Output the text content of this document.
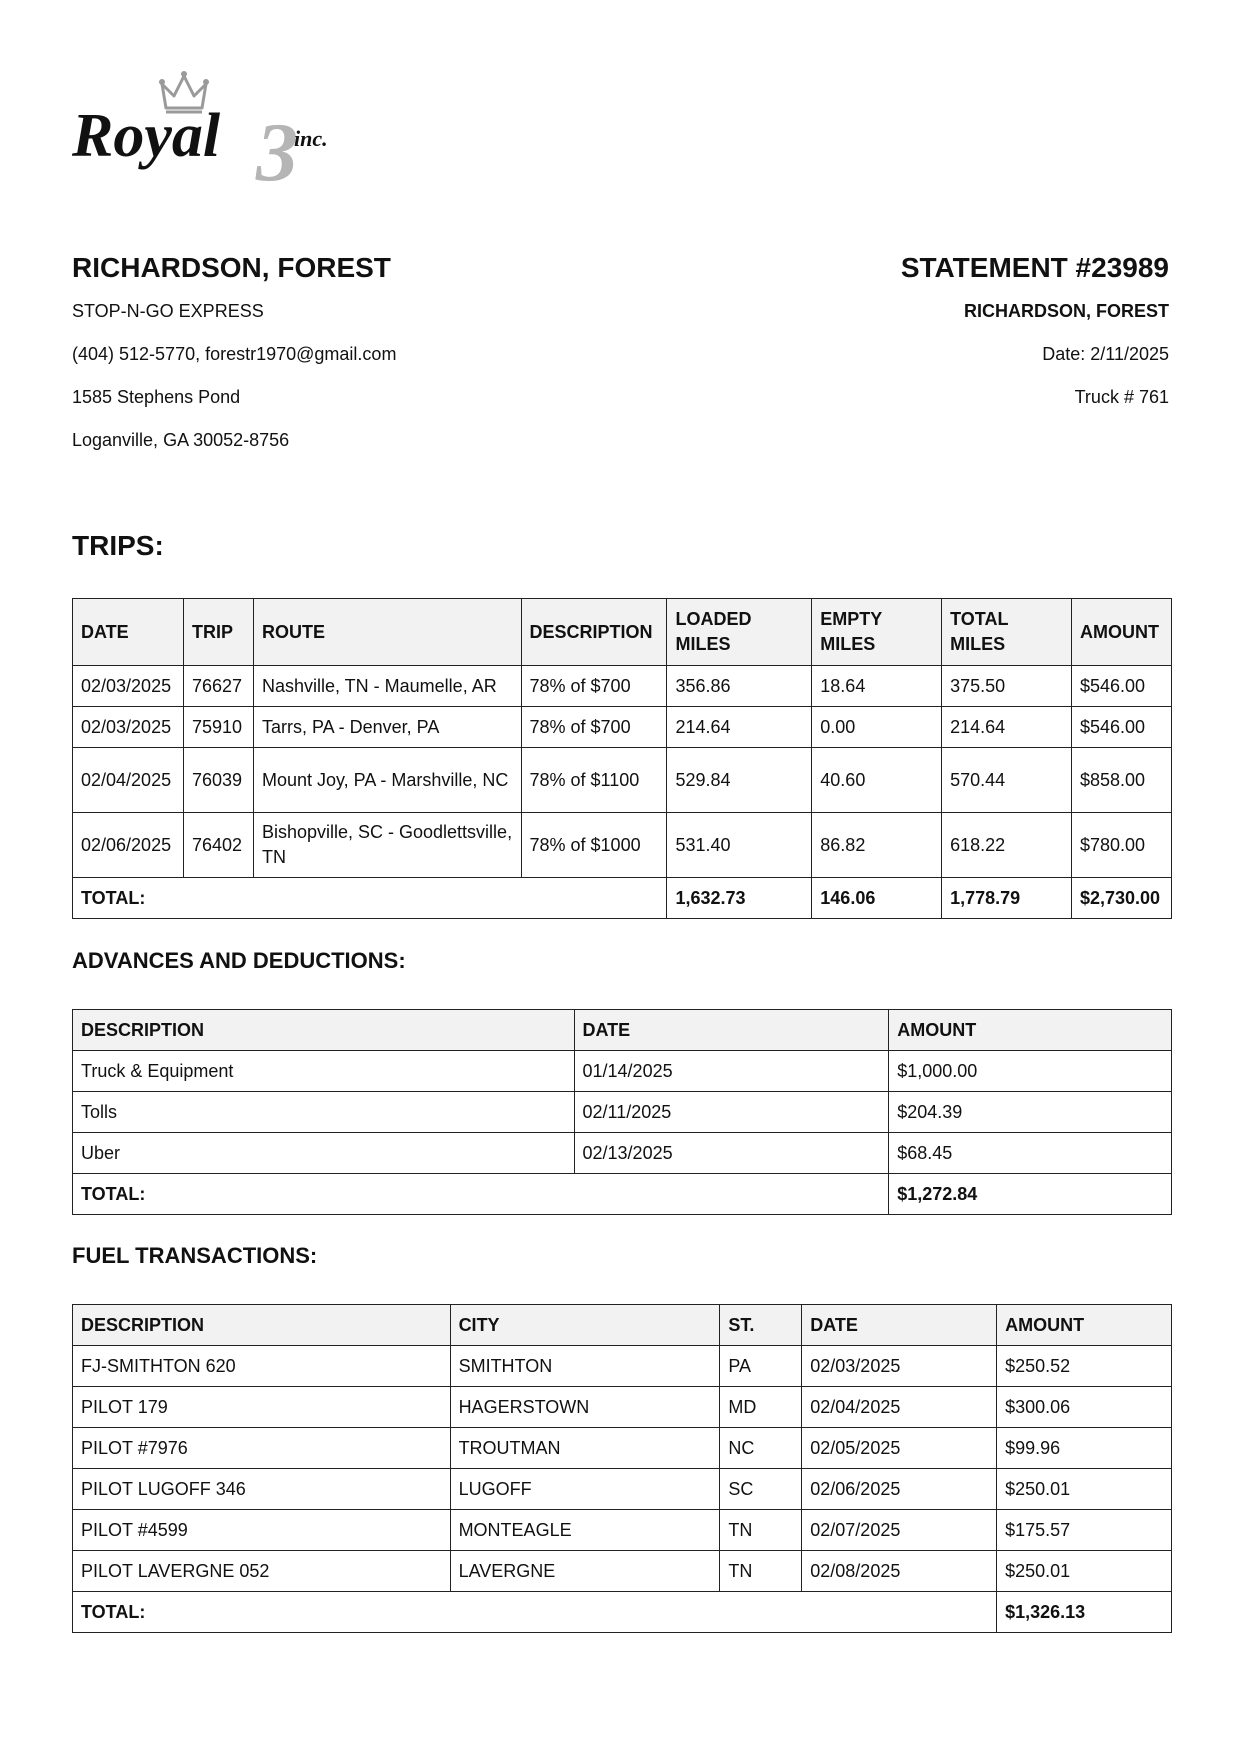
Royal 3
inc.

RICHARDSON, FOREST

STOP-N-GO EXPRESS

(404) 512-5770, forestr1970@gmail.com

1585 Stephens Pond

Loganville, GA 30052-8756

STATEMENT #23989

RICHARDSON, FOREST

Date: 2/11/2025

Truck # 761

TRIPS:
DATE	TRIP	ROUTE	DESCRIPTION	LOADED MILES	EMPTY MILES	TOTAL MILES	AMOUNT
02/03/2025	76627	Nashville, TN - Maumelle, AR	78% of $700	356.86	18.64	375.50	$546.00
02/03/2025	75910	Tarrs, PA - Denver, PA	78% of $700	214.64	0.00	214.64	$546.00
02/04/2025	76039	Mount Joy, PA - Marshville, NC	78% of $1100	529.84	40.60	570.44	$858.00
02/06/2025	76402	Bishopville, SC - Goodlettsville, TN	78% of $1000	531.40	86.82	618.22	$780.00
TOTAL:				1,632.73	146.06	1,778.79	$2,730.00
ADVANCES AND DEDUCTIONS:
DESCRIPTION	DATE	AMOUNT
Truck & Equipment	01/14/2025	$1,000.00
Tolls	02/11/2025	$204.39
Uber	02/13/2025	$68.45
TOTAL:		$1,272.84
FUEL TRANSACTIONS:
DESCRIPTION	CITY	ST.	DATE	AMOUNT
FJ-SMITHTON 620	SMITHTON	PA	02/03/2025	$250.52
PILOT 179	HAGERSTOWN	MD	02/04/2025	$300.06
PILOT #7976	TROUTMAN	NC	02/05/2025	$99.96
PILOT LUGOFF 346	LUGOFF	SC	02/06/2025	$250.01
PILOT #4599	MONTEAGLE	TN	02/07/2025	$175.57
PILOT LAVERGNE 052	LAVERGNE	TN	02/08/2025	$250.01
TOTAL:				$1,326.13
